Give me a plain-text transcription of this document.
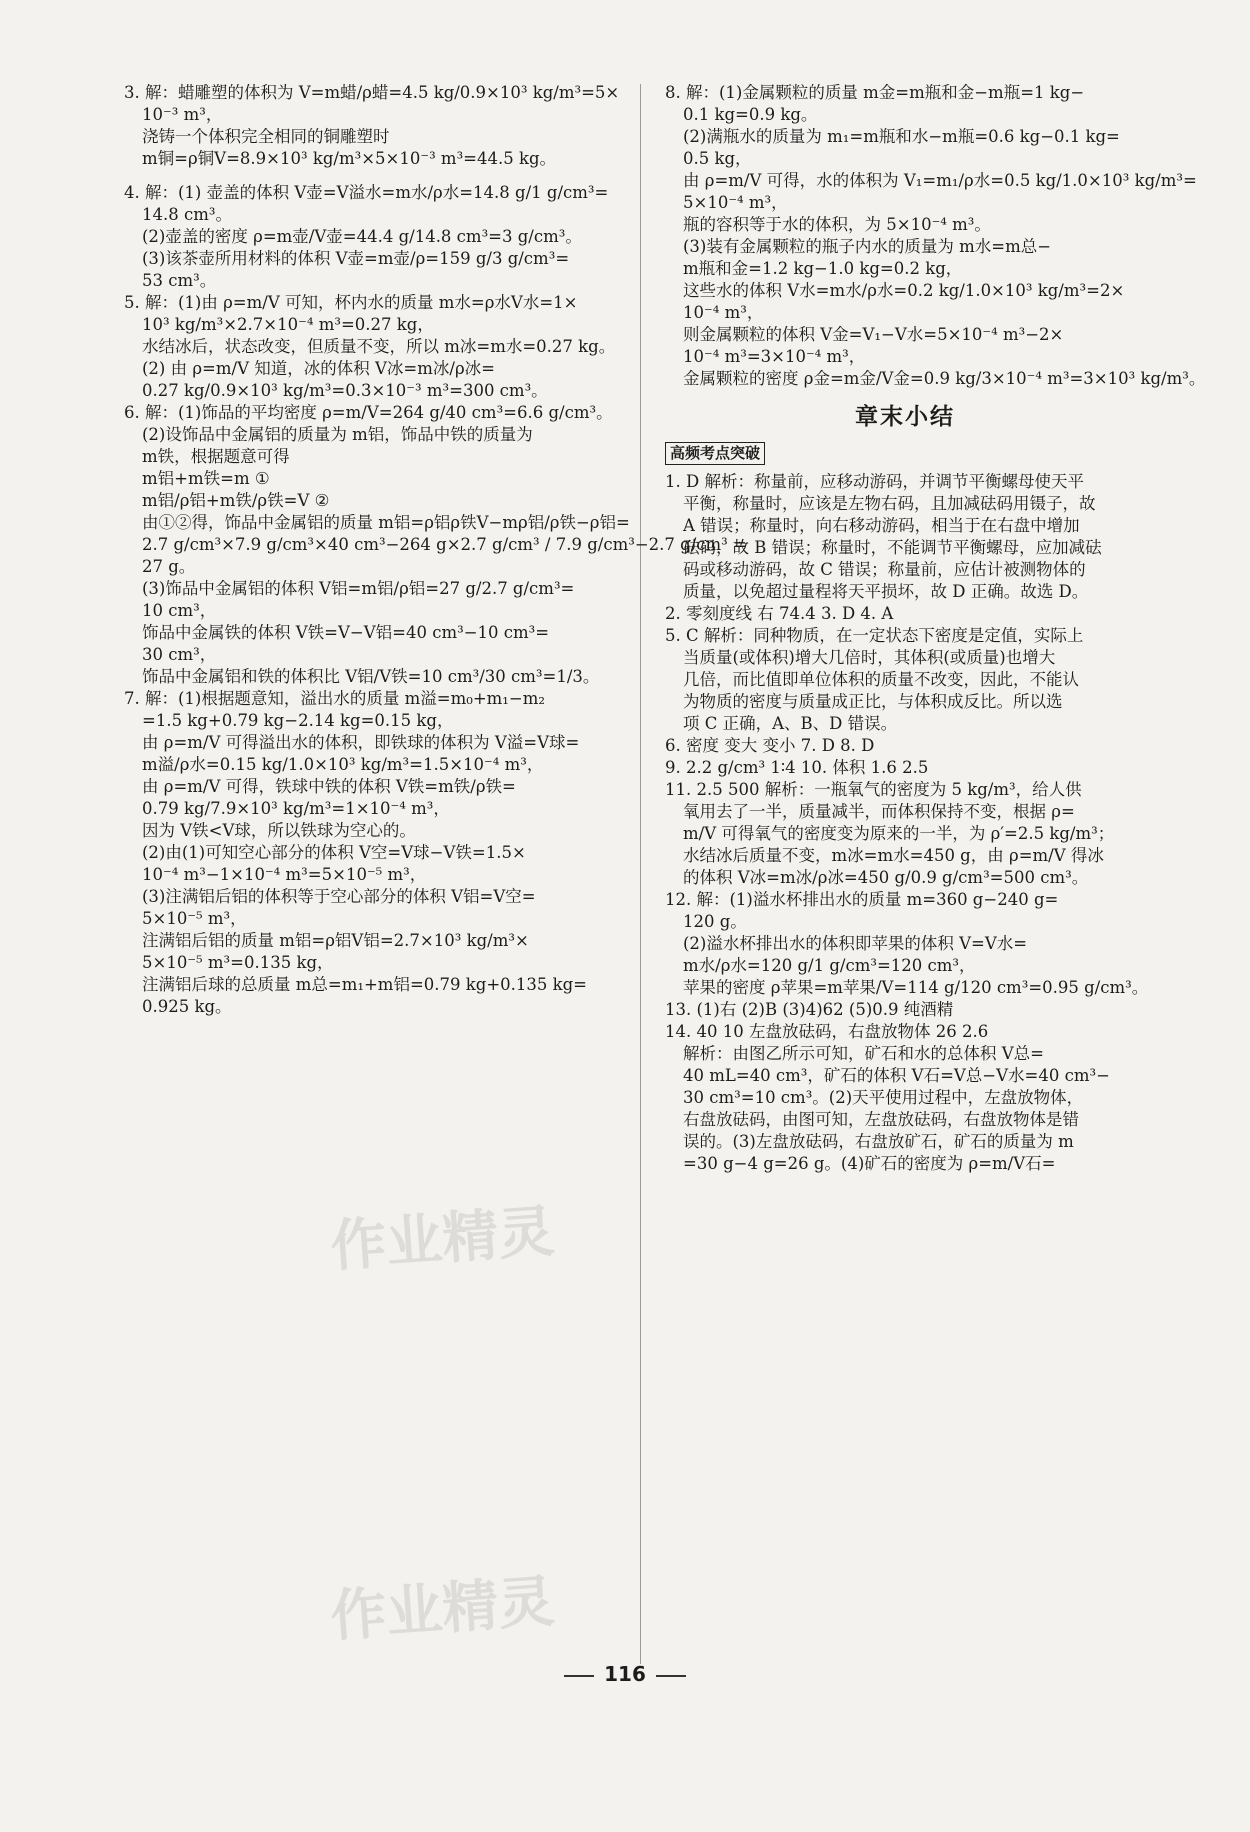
3. 解：蜡雕塑的体积为 V=m蜡/ρ蜡=4.5 kg/0.9×10³ kg/m³=5×
10⁻³ m³，
浇铸一个体积完全相同的铜雕塑时
m铜=ρ铜V=8.9×10³ kg/m³×5×10⁻³ m³=44.5 kg。
4. 解：(1) 壶盖的体积 V壶=V溢水=m水/ρ水=14.8 g/1 g/cm³=
14.8 cm³。
(2)壶盖的密度 ρ=m壶/V壶=44.4 g/14.8 cm³=3 g/cm³。
(3)该茶壶所用材料的体积 V壶=m壶/ρ=159 g/3 g/cm³=
53 cm³。
5. 解：(1)由 ρ=m/V 可知，杯内水的质量 m水=ρ水V水=1×
10³ kg/m³×2.7×10⁻⁴ m³=0.27 kg，
水结冰后，状态改变，但质量不变，所以 m冰=m水=0.27 kg。
(2) 由 ρ=m/V 知道，冰的体积 V冰=m冰/ρ冰=
0.27 kg/0.9×10³ kg/m³=0.3×10⁻³ m³=300 cm³。
6. 解：(1)饰品的平均密度 ρ=m/V=264 g/40 cm³=6.6 g/cm³。
(2)设饰品中金属铝的质量为 m铝，饰品中铁的质量为
m铁，根据题意可得
m铝+m铁=m ①
m铝/ρ铝+m铁/ρ铁=V ②
由①②得，饰品中金属铝的质量 m铝=ρ铝ρ铁V−mρ铝/ρ铁−ρ铝=
2.7 g/cm³×7.9 g/cm³×40 cm³−264 g×2.7 g/cm³ / 7.9 g/cm³−2.7 g/cm³ =
27 g。
(3)饰品中金属铝的体积 V铝=m铝/ρ铝=27 g/2.7 g/cm³=
10 cm³，
饰品中金属铁的体积 V铁=V−V铝=40 cm³−10 cm³=
30 cm³，
饰品中金属铝和铁的体积比 V铝/V铁=10 cm³/30 cm³=1/3。
7. 解：(1)根据题意知，溢出水的质量 m溢=m₀+m₁−m₂
=1.5 kg+0.79 kg−2.14 kg=0.15 kg，
由 ρ=m/V 可得溢出水的体积，即铁球的体积为 V溢=V球=
m溢/ρ水=0.15 kg/1.0×10³ kg/m³=1.5×10⁻⁴ m³，
由 ρ=m/V 可得，铁球中铁的体积 V铁=m铁/ρ铁=
0.79 kg/7.9×10³ kg/m³=1×10⁻⁴ m³，
因为 V铁<V球，所以铁球为空心的。
(2)由(1)可知空心部分的体积 V空=V球−V铁=1.5×
10⁻⁴ m³−1×10⁻⁴ m³=5×10⁻⁵ m³，
(3)注满铝后铝的体积等于空心部分的体积 V铝=V空=
5×10⁻⁵ m³，
注满铝后铝的质量 m铝=ρ铝V铝=2.7×10³ kg/m³×
5×10⁻⁵ m³=0.135 kg，
注满铝后球的总质量 m总=m₁+m铝=0.79 kg+0.135 kg=
0.925 kg。
8. 解：(1)金属颗粒的质量 m金=m瓶和金−m瓶=1 kg−
0.1 kg=0.9 kg。
(2)满瓶水的质量为 m₁=m瓶和水−m瓶=0.6 kg−0.1 kg=
0.5 kg，
由 ρ=m/V 可得，水的体积为 V₁=m₁/ρ水=0.5 kg/1.0×10³ kg/m³=
5×10⁻⁴ m³，
瓶的容积等于水的体积，为 5×10⁻⁴ m³。
(3)装有金属颗粒的瓶子内水的质量为 m水=m总−
m瓶和金=1.2 kg−1.0 kg=0.2 kg，
这些水的体积 V水=m水/ρ水=0.2 kg/1.0×10³ kg/m³=2×
10⁻⁴ m³，
则金属颗粒的体积 V金=V₁−V水=5×10⁻⁴ m³−2×
10⁻⁴ m³=3×10⁻⁴ m³，
金属颗粒的密度 ρ金=m金/V金=0.9 kg/3×10⁻⁴ m³=3×10³ kg/m³。
章末小结
高频考点突破
1. D 解析：称量前，应移动游码，并调节平衡螺母使天平
平衡，称量时，应该是左物右码，且加减砝码用镊子，故
A 错误；称量时，向右移动游码，相当于在右盘中增加
砝码，故 B 错误；称量时，不能调节平衡螺母，应加减砝
码或移动游码，故 C 错误；称量前，应估计被测物体的
质量，以免超过量程将天平损坏，故 D 正确。故选 D。
2. 零刻度线 右 74.4 3. D 4. A
5. C 解析：同种物质，在一定状态下密度是定值，实际上
当质量(或体积)增大几倍时，其体积(或质量)也增大
几倍，而比值即单位体积的质量不改变，因此，不能认
为物质的密度与质量成正比，与体积成反比。所以选
项 C 正确，A、B、D 错误。
6. 密度 变大 变小 7. D 8. D
9. 2.2 g/cm³ 1∶4 10. 体积 1.6 2.5
11. 2.5 500 解析：一瓶氧气的密度为 5 kg/m³，给人供
氧用去了一半，质量减半，而体积保持不变，根据 ρ=
m/V 可得氧气的密度变为原来的一半，为 ρ′=2.5 kg/m³；
水结冰后质量不变，m冰=m水=450 g，由 ρ=m/V 得冰
的体积 V冰=m冰/ρ冰=450 g/0.9 g/cm³=500 cm³。
12. 解：(1)溢水杯排出水的质量 m=360 g−240 g=
120 g。
(2)溢水杯排出水的体积即苹果的体积 V=V水=
m水/ρ水=120 g/1 g/cm³=120 cm³，
苹果的密度 ρ苹果=m苹果/V=114 g/120 cm³=0.95 g/cm³。
13. (1)右 (2)B (3)4)62 (5)0.9 纯酒精
14. 40 10 左盘放砝码，右盘放物体 26 2.6
解析：由图乙所示可知，矿石和水的总体积 V总=
40 mL=40 cm³，矿石的体积 V石=V总−V水=40 cm³−
30 cm³=10 cm³。(2)天平使用过程中，左盘放物体，
右盘放砝码，由图可知，左盘放砝码，右盘放物体是错
误的。(3)左盘放砝码，右盘放矿石，矿石的质量为 m
=30 g−4 g=26 g。(4)矿石的密度为 ρ=m/V石=
作业精灵
作业精灵
116
